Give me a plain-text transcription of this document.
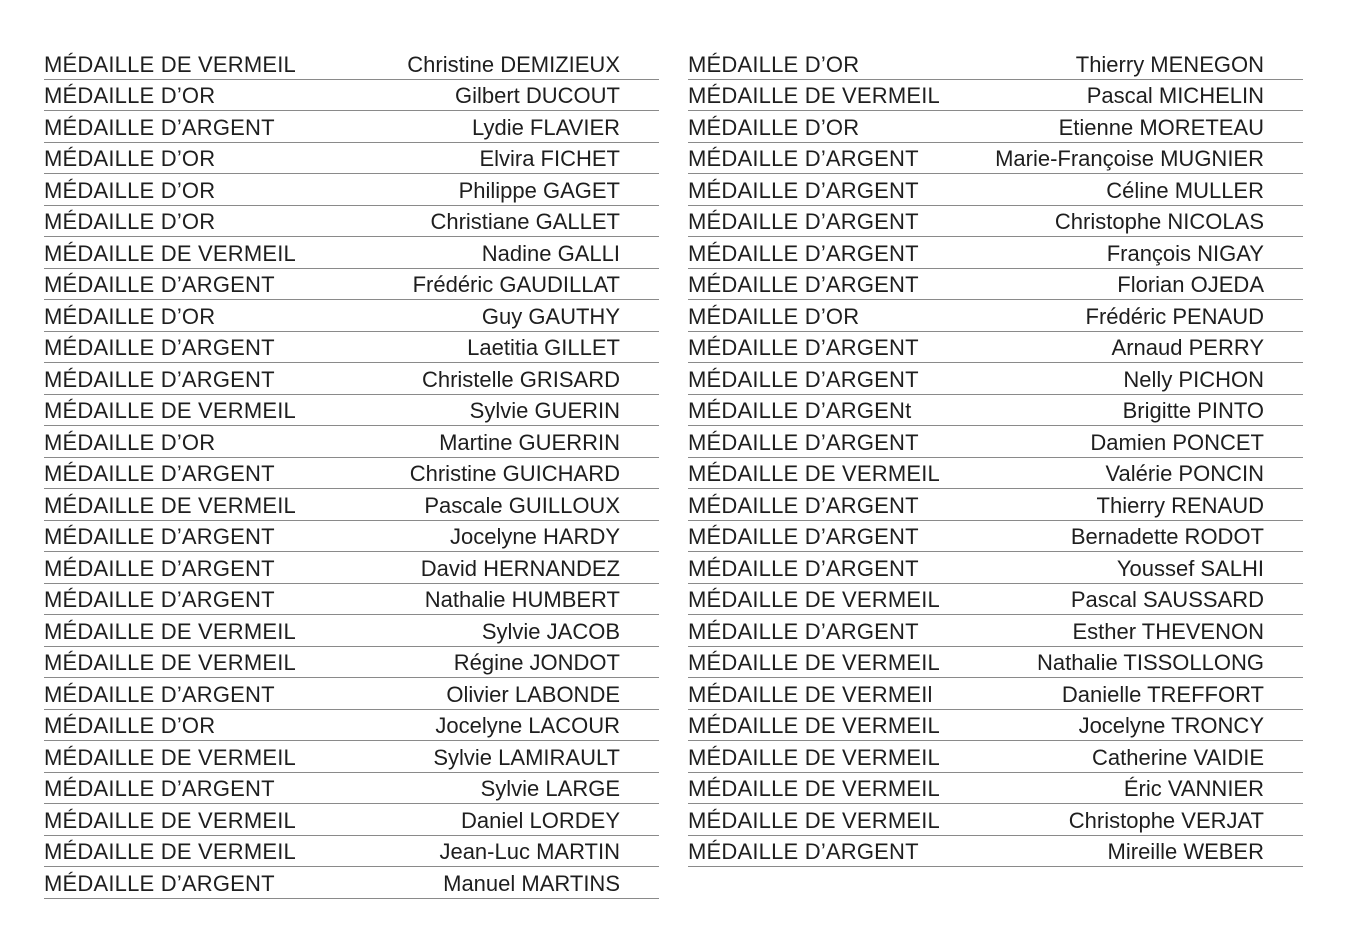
MÉDAILLE DE VERMEIL	Christine DEMIZIEUX
MÉDAILLE D’OR	Gilbert DUCOUT
MÉDAILLE D’ARGENT	Lydie FLAVIER
MÉDAILLE D’OR	Elvira FICHET
MÉDAILLE D’OR	Philippe GAGET
MÉDAILLE D’OR	Christiane GALLET
MÉDAILLE DE VERMEIL	Nadine GALLI
MÉDAILLE D’ARGENT	Frédéric GAUDILLAT
MÉDAILLE D’OR	Guy GAUTHY
MÉDAILLE D’ARGENT	Laetitia GILLET
MÉDAILLE D’ARGENT	Christelle GRISARD
MÉDAILLE DE VERMEIL	Sylvie GUERIN
MÉDAILLE D’OR	Martine GUERRIN
MÉDAILLE D’ARGENT	Christine GUICHARD
MÉDAILLE DE VERMEIL	Pascale GUILLOUX
MÉDAILLE D’ARGENT	Jocelyne HARDY
MÉDAILLE D’ARGENT	David HERNANDEZ
MÉDAILLE D’ARGENT	Nathalie HUMBERT
MÉDAILLE DE VERMEIL	Sylvie JACOB
MÉDAILLE DE VERMEIL	Régine JONDOT
MÉDAILLE D’ARGENT	Olivier LABONDE
MÉDAILLE D’OR	Jocelyne LACOUR
MÉDAILLE DE VERMEIL	Sylvie LAMIRAULT
MÉDAILLE D’ARGENT	Sylvie LARGE
MÉDAILLE DE VERMEIL	Daniel LORDEY
MÉDAILLE DE VERMEIL	Jean-Luc MARTIN
MÉDAILLE D’ARGENT	Manuel MARTINS
MÉDAILLE D’OR	Thierry MENEGON
MÉDAILLE DE VERMEIL	Pascal MICHELIN
MÉDAILLE D’OR	Etienne MORETEAU
MÉDAILLE D’ARGENT	Marie-Françoise MUGNIER
MÉDAILLE D’ARGENT	Céline MULLER
MÉDAILLE D’ARGENT	Christophe NICOLAS
MÉDAILLE D’ARGENT	François NIGAY
MÉDAILLE D’ARGENT	Florian OJEDA
MÉDAILLE D’OR	Frédéric PENAUD
MÉDAILLE D’ARGENT	Arnaud PERRY
MÉDAILLE D’ARGENT	Nelly PICHON
MÉDAILLE D’ARGENt	Brigitte PINTO
MÉDAILLE D’ARGENT	Damien PONCET
MÉDAILLE DE VERMEIL	Valérie PONCIN
MÉDAILLE D’ARGENT	Thierry RENAUD
MÉDAILLE D’ARGENT	Bernadette RODOT
MÉDAILLE D’ARGENT	Youssef SALHI
MÉDAILLE DE VERMEIL	Pascal SAUSSARD
MÉDAILLE D’ARGENT	Esther THEVENON
MÉDAILLE DE VERMEIL	Nathalie TISSOLLONG
MÉDAILLE DE VERMEIl	Danielle TREFFORT
MÉDAILLE DE VERMEIL	Jocelyne TRONCY
MÉDAILLE DE VERMEIL	Catherine VAIDIE
MÉDAILLE DE VERMEIL	Éric VANNIER
MÉDAILLE DE VERMEIL	Christophe VERJAT
MÉDAILLE D’ARGENT	Mireille WEBER
